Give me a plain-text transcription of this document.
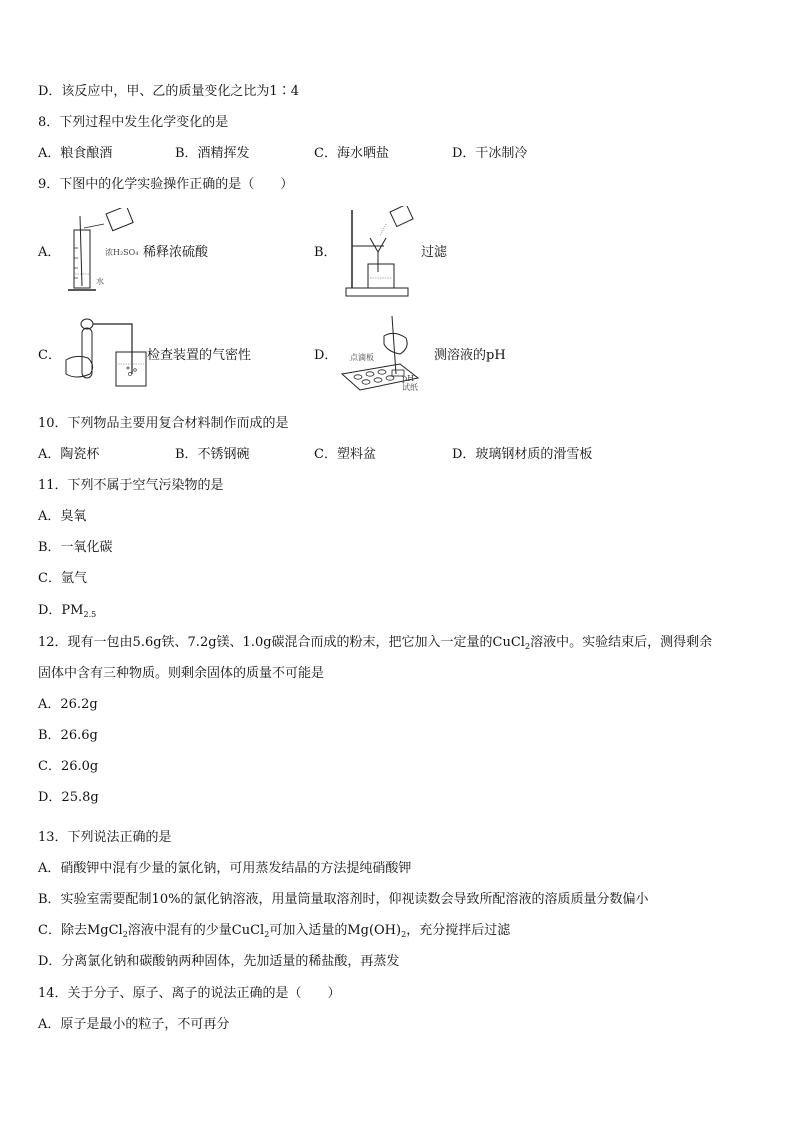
D．该反应中，甲、乙的质量变化之比为1∶4
8．下列过程中发生化学变化的是
A．粮食酿酒	B．酒精挥发	C．海水晒盐	D．干冰制冷
9．下图中的化学实验操作正确的是（　　）
A．	浓H₂SO₄
水
稀释浓硫酸	B．	过滤
C．	检查装置的气密性	D． 点滴板
pH
试纸
测溶液的pH
10．下列物品主要用复合材料制作而成的是
A．陶瓷杯	B．不锈钢碗	C．塑料盆	D．玻璃钢材质的滑雪板
11．下列不属于空气污染物的是
A．臭氧
B．一氧化碳
C．氩气
D．$PM_{2.5}$
12．现有一包由5.6g铁、7.2g镁、1.0g碳混合而成的粉末，把它加入一定量的CuCl$_2$溶液中。实验结束后，测得剩余
固体中含有三种物质。则剩余固体的质量不可能是
A．26.2g
B．26.6g
C．26.0g
D．25.8g
13．下列说法正确的是
A．硝酸钾中混有少量的氯化钠，可用蒸发结晶的方法提纯硝酸钾
B．实验室需要配制10%的氯化钠溶液，用量筒量取溶剂时，仰视读数会导致所配溶液的溶质质量分数偏小
C．除去MgCl$_2$溶液中混有的少量CuCl$_2$可加入适量的$Mg(OH)_2$，充分搅拌后过滤
D．分离氯化钠和碳酸钠两种固体，先加适量的稀盐酸，再蒸发
14．关于分子、原子、离子的说法正确的是（　　）
A．原子是最小的粒子，不可再分
